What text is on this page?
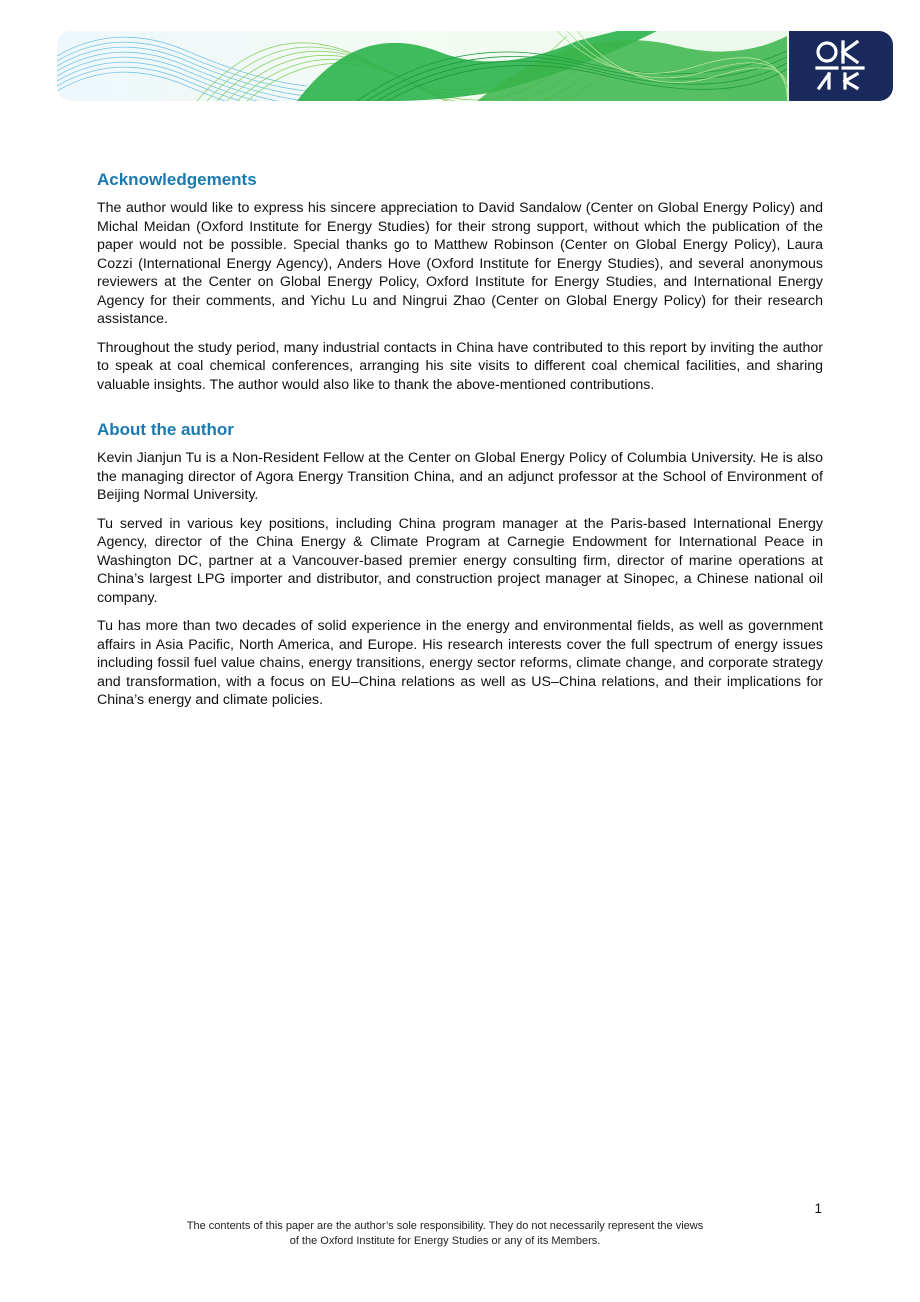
Acknowledgements

The author would like to express his sincere appreciation to David Sandalow (Center on Global Energy Policy) and Michal Meidan (Oxford Institute for Energy Studies) for their strong support, without which the publication of the paper would not be possible. Special thanks go to Matthew Robinson (Center on Global Energy Policy), Laura Cozzi (International Energy Agency), Anders Hove (Oxford Institute for Energy Studies), and several anonymous reviewers at the Center on Global Energy Policy, Oxford Institute for Energy Studies, and International Energy Agency for their comments, and Yichu Lu and Ningrui Zhao (Center on Global Energy Policy) for their research assistance.

Throughout the study period, many industrial contacts in China have contributed to this report by inviting the author to speak at coal chemical conferences, arranging his site visits to different coal chemical facilities, and sharing valuable insights. The author would also like to thank the above-mentioned contributions.

About the author

Kevin Jianjun Tu is a Non-Resident Fellow at the Center on Global Energy Policy of Columbia University. He is also the managing director of Agora Energy Transition China, and an adjunct professor at the School of Environment of Beijing Normal University.

Tu served in various key positions, including China program manager at the Paris-based International Energy Agency, director of the China Energy & Climate Program at Carnegie Endowment for International Peace in Washington DC, partner at a Vancouver-based premier energy consulting firm, director of marine operations at China’s largest LPG importer and distributor, and construction project manager at Sinopec, a Chinese national oil company.

Tu has more than two decades of solid experience in the energy and environmental fields, as well as government affairs in Asia Pacific, North America, and Europe. His research interests cover the full spectrum of energy issues including fossil fuel value chains, energy transitions, energy sector reforms, climate change, and corporate strategy and transformation, with a focus on EU–China relations as well as US–China relations, and their implications for China’s energy and climate policies.

1
The contents of this paper are the author’s sole responsibility. They do not necessarily represent the views
of the Oxford Institute for Energy Studies or any of its Members.
